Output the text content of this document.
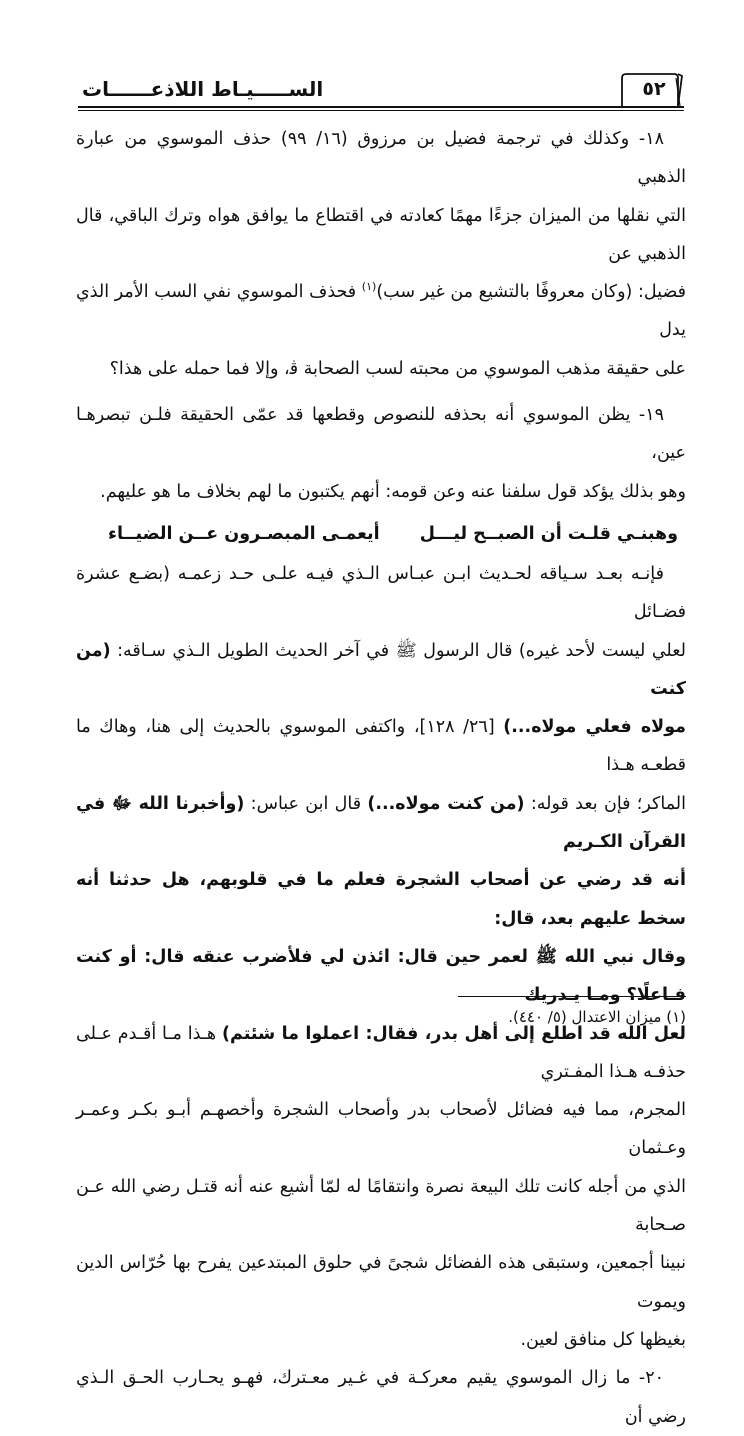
٥٢
الســـــيـاط اللاذعــــــات

١٨- وكذلك في ترجمة فضيل بن مرزوق (١٦/ ٩٩) حذف الموسوي من عبارة الذهبي
التي نقلها من الميزان جزءًا مهمًا كعادته في اقتطاع ما يوافق هواه وترك الباقي، قال الذهبي عن
فضيل: (وكان معروفًا بالتشيع من غير سب)$^{(١)}$ فحذف الموسوي نفي السب الأمر الذي يدل
على حقيقة مذهب الموسوي من محبته لسب الصحابة ﭬ، وإلا فما حمله على هذا؟

١٩- يظن الموسوي أنه بحذفه للنصوص وقطعها قد عمّى الحقيقة فلـن تبصرهـا عين،
وهو بذلك يؤكد قول سلفنا عنه وعن قومه: أنهم يكتبون ما لهم بخلاف ما هو عليهم.

وهبنـي قلـت أن الصبــح ليـــل
أيعمـى المبصـرون عــن الضيــاء

فإنـه بعـد سـياقه لحـديث ابـن عبـاس الـذي فيـه علـى حـد زعمـه (بضـع عشرة فضـائل
لعلي ليست لأحد غيره) قال الرسول ﷺ في آخر الحديث الطويل الـذي سـاقه: (من كنت
مولاه فعلي مولاه...) [٢٦/ ١٢٨]، واكتفى الموسوي بالحديث إلى هنا، وهاك ما قطعـه هـذا
الماكر؛ فإن بعد قوله: (من كنت مولاه...) قال ابن عباس: (وأخبرنا الله ﷻ في القرآن الكـريم
أنه قد رضي عن أصحاب الشجرة فعلم ما في قلوبهم، هل حدثنا أنه سخط عليهم بعد، قال:
وقال نبي الله ﷺ لعمر حين قال: ائذن لي فلأضرب عنقه قال: أو كنت فـاعلًا؟ ومـا يـدريك
لعل الله قد اطلع إلى أهل بدر، فقال: اعملوا ما شئتم) هـذا مـا أقـدم عـلى حذفـه هـذا المفـتري
المجرم، مما فيه فضائل لأصحاب بدر وأصحاب الشجرة وأخصهـم أبـو بكـر وعمـر وعـثمان
الذي من أجله كانت تلك البيعة نصرة وانتقامًا له لمّا أشيع عنه أنه قتـل رضي الله عـن صـحابة
نبينا أجمعين، وستبقى هذه الفضائل شجىً في حلوق المبتدعين يفرح بها حُرّاس الدين ويموت
بغيظها كل منافق لعين.

٢٠- ما زال الموسوي يقيم معركـة في غـير معـترك، فهـو يحـارب الحـق الـذي رضي أن

(١) ميزان الاعتدال (٥/ ٤٤٠).
